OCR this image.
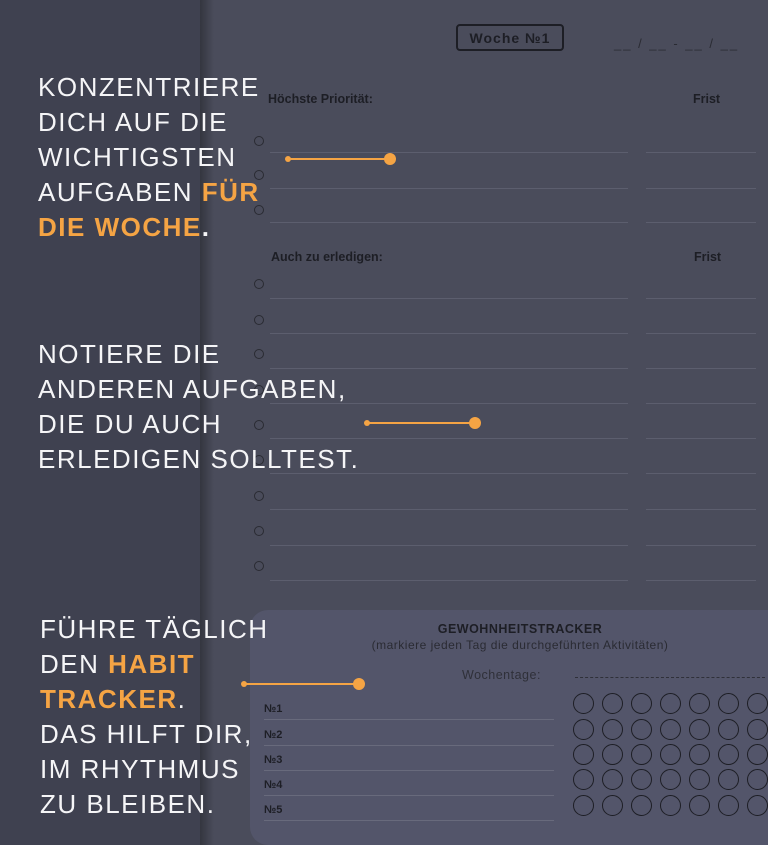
Woche №1	__ / __ - __ / __
Höchste Priorität:	Frist
Auch zu erledigen:	Frist
GEWOHNHEITSTRACKER
(markiere jeden Tag die durchgeführten Aktivitäten)
Wochentage:
№1
№2
№3
№4
№5
KONZENTRIERE
DICH AUF DIE
WICHTIGSTEN
AUFGABEN FÜR
DIE WOCHE.
NOTIERE DIE
ANDEREN AUFGABEN,
DIE DU AUCH
ERLEDIGEN SOLLTEST.
FÜHRE TÄGLICH
DEN HABIT
TRACKER.
DAS HILFT DIR,
IM RHYTHMUS
ZU BLEIBEN.
